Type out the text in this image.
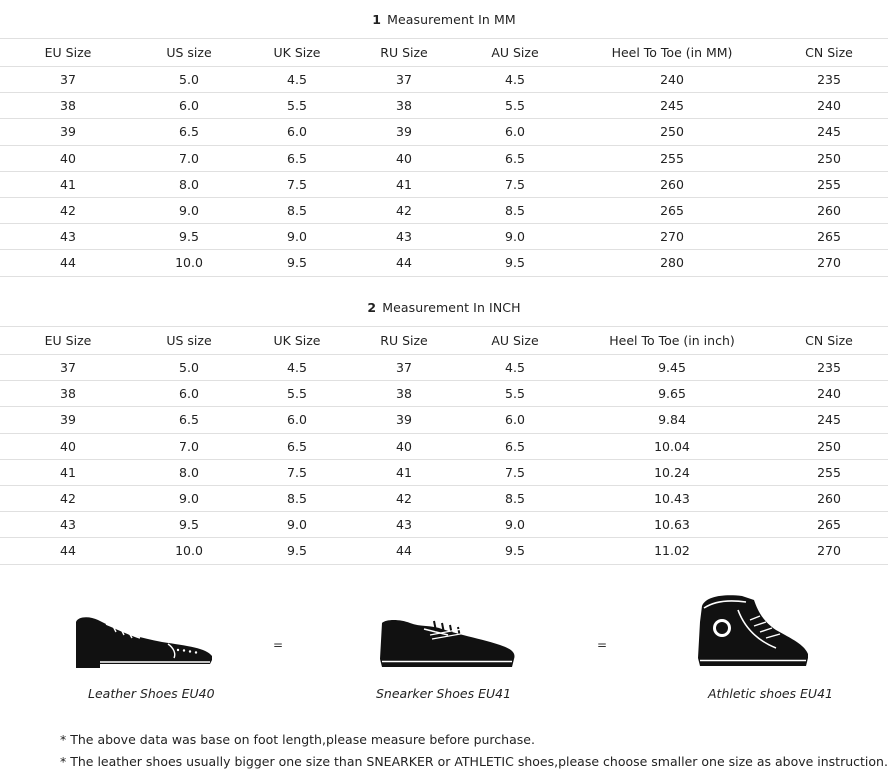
1 Measurement In MM
EU Size	US size	UK Size	RU Size	AU Size	Heel To Toe (in MM)	CN Size
37	5.0	4.5	37	4.5	240	235
38	6.0	5.5	38	5.5	245	240
39	6.5	6.0	39	6.0	250	245
40	7.0	6.5	40	6.5	255	250
41	8.0	7.5	41	7.5	260	255
42	9.0	8.5	42	8.5	265	260
43	9.5	9.0	43	9.0	270	265
44	10.0	9.5	44	9.5	280	270
2 Measurement In INCH
EU Size	US size	UK Size	RU Size	AU Size	Heel To Toe (in inch)	CN Size
37	5.0	4.5	37	4.5	9.45	235
38	6.0	5.5	38	5.5	9.65	240
39	6.5	6.0	39	6.0	9.84	245
40	7.0	6.5	40	6.5	10.04	250
41	8.0	7.5	41	7.5	10.24	255
42	9.0	8.5	42	8.5	10.43	260
43	9.5	9.0	43	9.0	10.63	265
44	10.0	9.5	44	9.5	11.02	270
Leather Shoes EU40
=
Snearker Shoes EU41
=
Athletic shoes EU41
* The above data was base on foot length,please measure before purchase.
* The leather shoes usually bigger one size than SNEARKER or ATHLETIC shoes,please choose smaller one size as above instruction.
